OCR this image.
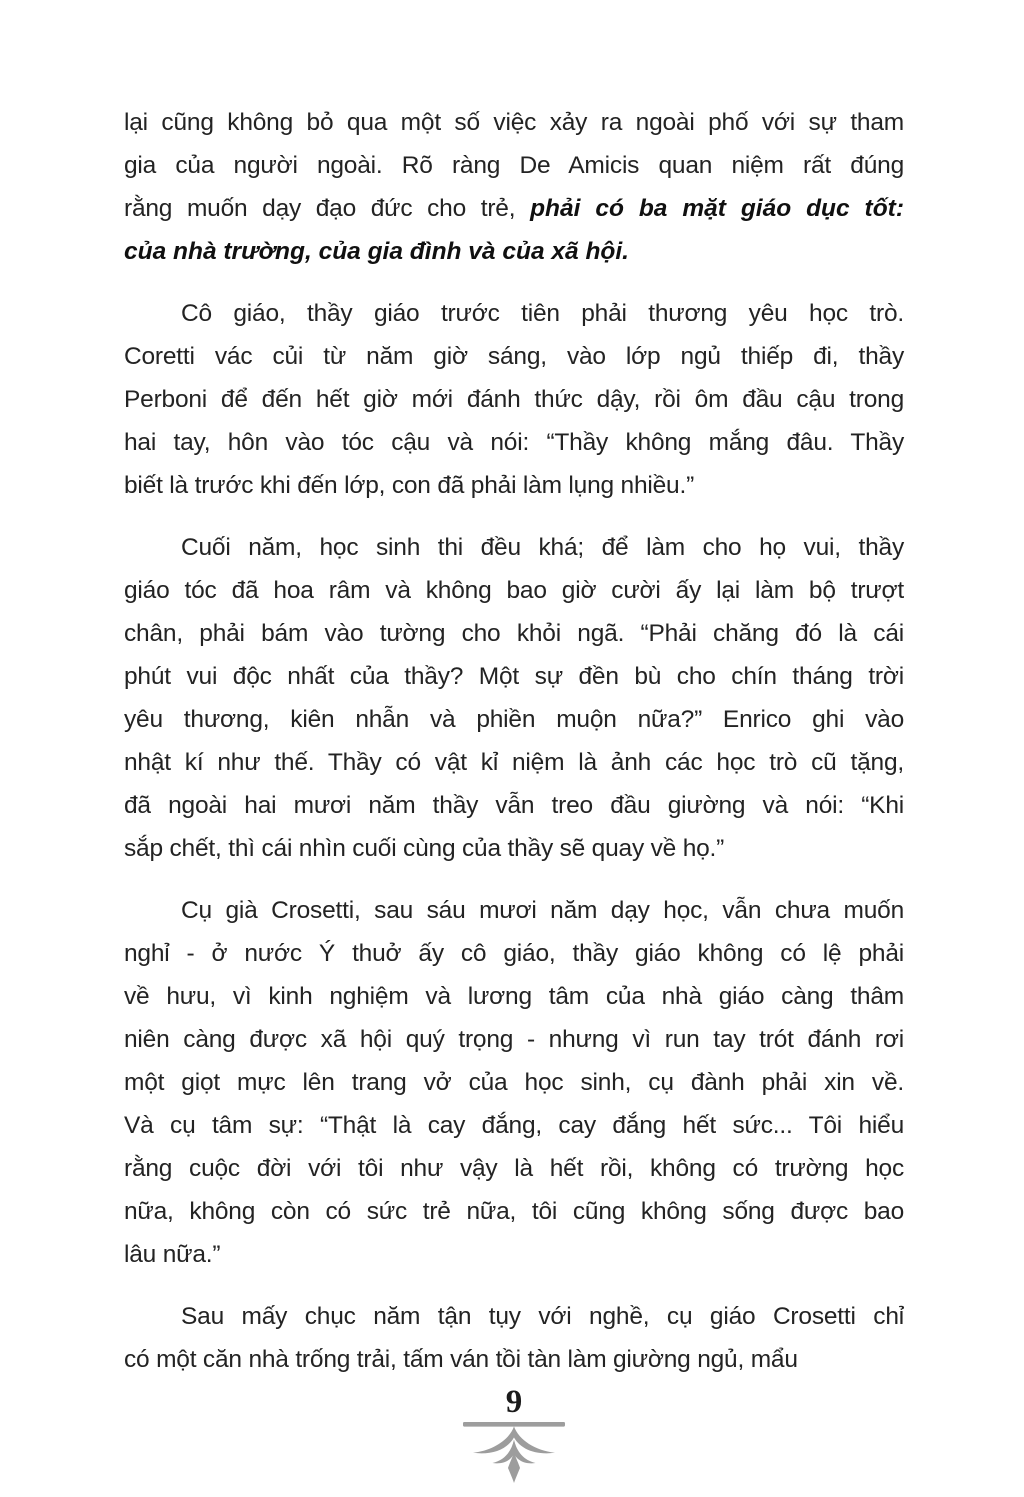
lại cũng không bỏ qua một số việc xảy ra ngoài phố với sự tham
gia của người ngoài. Rõ ràng De Amicis quan niệm rất đúng
rằng muốn dạy đạo đức cho trẻ, phải có ba mặt giáo dục tốt:
của nhà trường, của gia đình và của xã hội.
Cô giáo, thầy giáo trước tiên phải thương yêu học trò.
Coretti vác củi từ năm giờ sáng, vào lớp ngủ thiếp đi, thầy
Perboni để đến hết giờ mới đánh thức dậy, rồi ôm đầu cậu trong
hai tay, hôn vào tóc cậu và nói: “Thầy không mắng đâu. Thầy
biết là trước khi đến lớp, con đã phải làm lụng nhiều.”
Cuối năm, học sinh thi đều khá; để làm cho họ vui, thầy
giáo tóc đã hoa râm và không bao giờ cười ấy lại làm bộ trượt
chân, phải bám vào tường cho khỏi ngã. “Phải chăng đó là cái
phút vui độc nhất của thầy? Một sự đền bù cho chín tháng trời
yêu thương, kiên nhẫn và phiền muộn nữa?” Enrico ghi vào
nhật kí như thế. Thầy có vật kỉ niệm là ảnh các học trò cũ tặng,
đã ngoài hai mươi năm thầy vẫn treo đầu giường và nói: “Khi
sắp chết, thì cái nhìn cuối cùng của thầy sẽ quay về họ.”
Cụ già Crosetti, sau sáu mươi năm dạy học, vẫn chưa muốn
nghỉ - ở nước Ý thuở ấy cô giáo, thầy giáo không có lệ phải
về hưu, vì kinh nghiệm và lương tâm của nhà giáo càng thâm
niên càng được xã hội quý trọng - nhưng vì run tay trót đánh rơi
một giọt mực lên trang vở của học sinh, cụ đành phải xin về.
Và cụ tâm sự: “Thật là cay đắng, cay đắng hết sức... Tôi hiểu
rằng cuộc đời với tôi như vậy là hết rồi, không có trường học
nữa, không còn có sức trẻ nữa, tôi cũng không sống được bao
lâu nữa.”
Sau mấy chục năm tận tụy với nghề, cụ giáo Crosetti chỉ
có một căn nhà trống trải, tấm ván tồi tàn làm giường ngủ, mẩu
9
